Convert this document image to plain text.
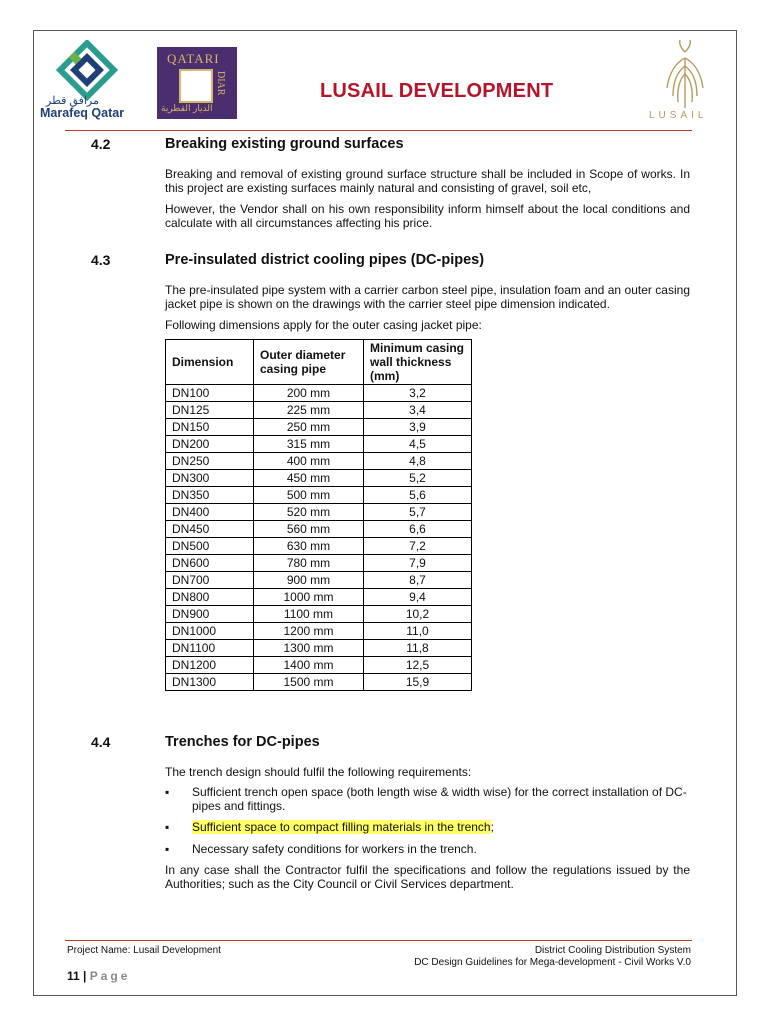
مرافق قطر
Marafeq Qatar
QATARI
DIAR
الديار القطرية
LUSAIL
LUSAIL DEVELOPMENT
4.2	Breaking existing ground surfaces
Breaking and removal of existing ground surface structure shall be included in Scope of works. In this project are existing surfaces mainly natural and consisting of gravel, soil etc,
However, the Vendor shall on his own responsibility inform himself about the local conditions and calculate with all circumstances affecting his price.
4.3	Pre-insulated district cooling pipes (DC-pipes)
The pre-insulated pipe system with a carrier carbon steel pipe, insulation foam and an outer casing jacket pipe is shown on the drawings with the carrier steel pipe dimension indicated.
Following dimensions apply for the outer casing jacket pipe:
Dimension	Outer diameter casing pipe	Minimum casing wall thickness (mm)
DN100	200 mm	3,2
DN125	225 mm	3,4
DN150	250 mm	3,9
DN200	315 mm	4,5
DN250	400 mm	4,8
DN300	450 mm	5,2
DN350	500 mm	5,6
DN400	520 mm	5,7
DN450	560 mm	6,6
DN500	630 mm	7,2
DN600	780 mm	7,9
DN700	900 mm	8,7
DN800	1000 mm	9,4
DN900	1100 mm	10,2
DN1000	1200 mm	11,0
DN1100	1300 mm	11,8
DN1200	1400 mm	12,5
DN1300	1500 mm	15,9
4.4	Trenches for DC-pipes
The trench design should fulfil the following requirements:
▪ Sufficient trench open space (both length wise & width wise) for the correct installation of DC-pipes and fittings.
▪ Sufficient space to compact filling materials in the trench;
▪ Necessary safety conditions for workers in the trench.
In any case shall the Contractor fulfil the specifications and follow the regulations issued by the Authorities; such as the City Council or Civil Services department.
Project Name: Lusail Development	District Cooling Distribution System
DC Design Guidelines for Mega-development - Civil Works V.0
11 | Page
